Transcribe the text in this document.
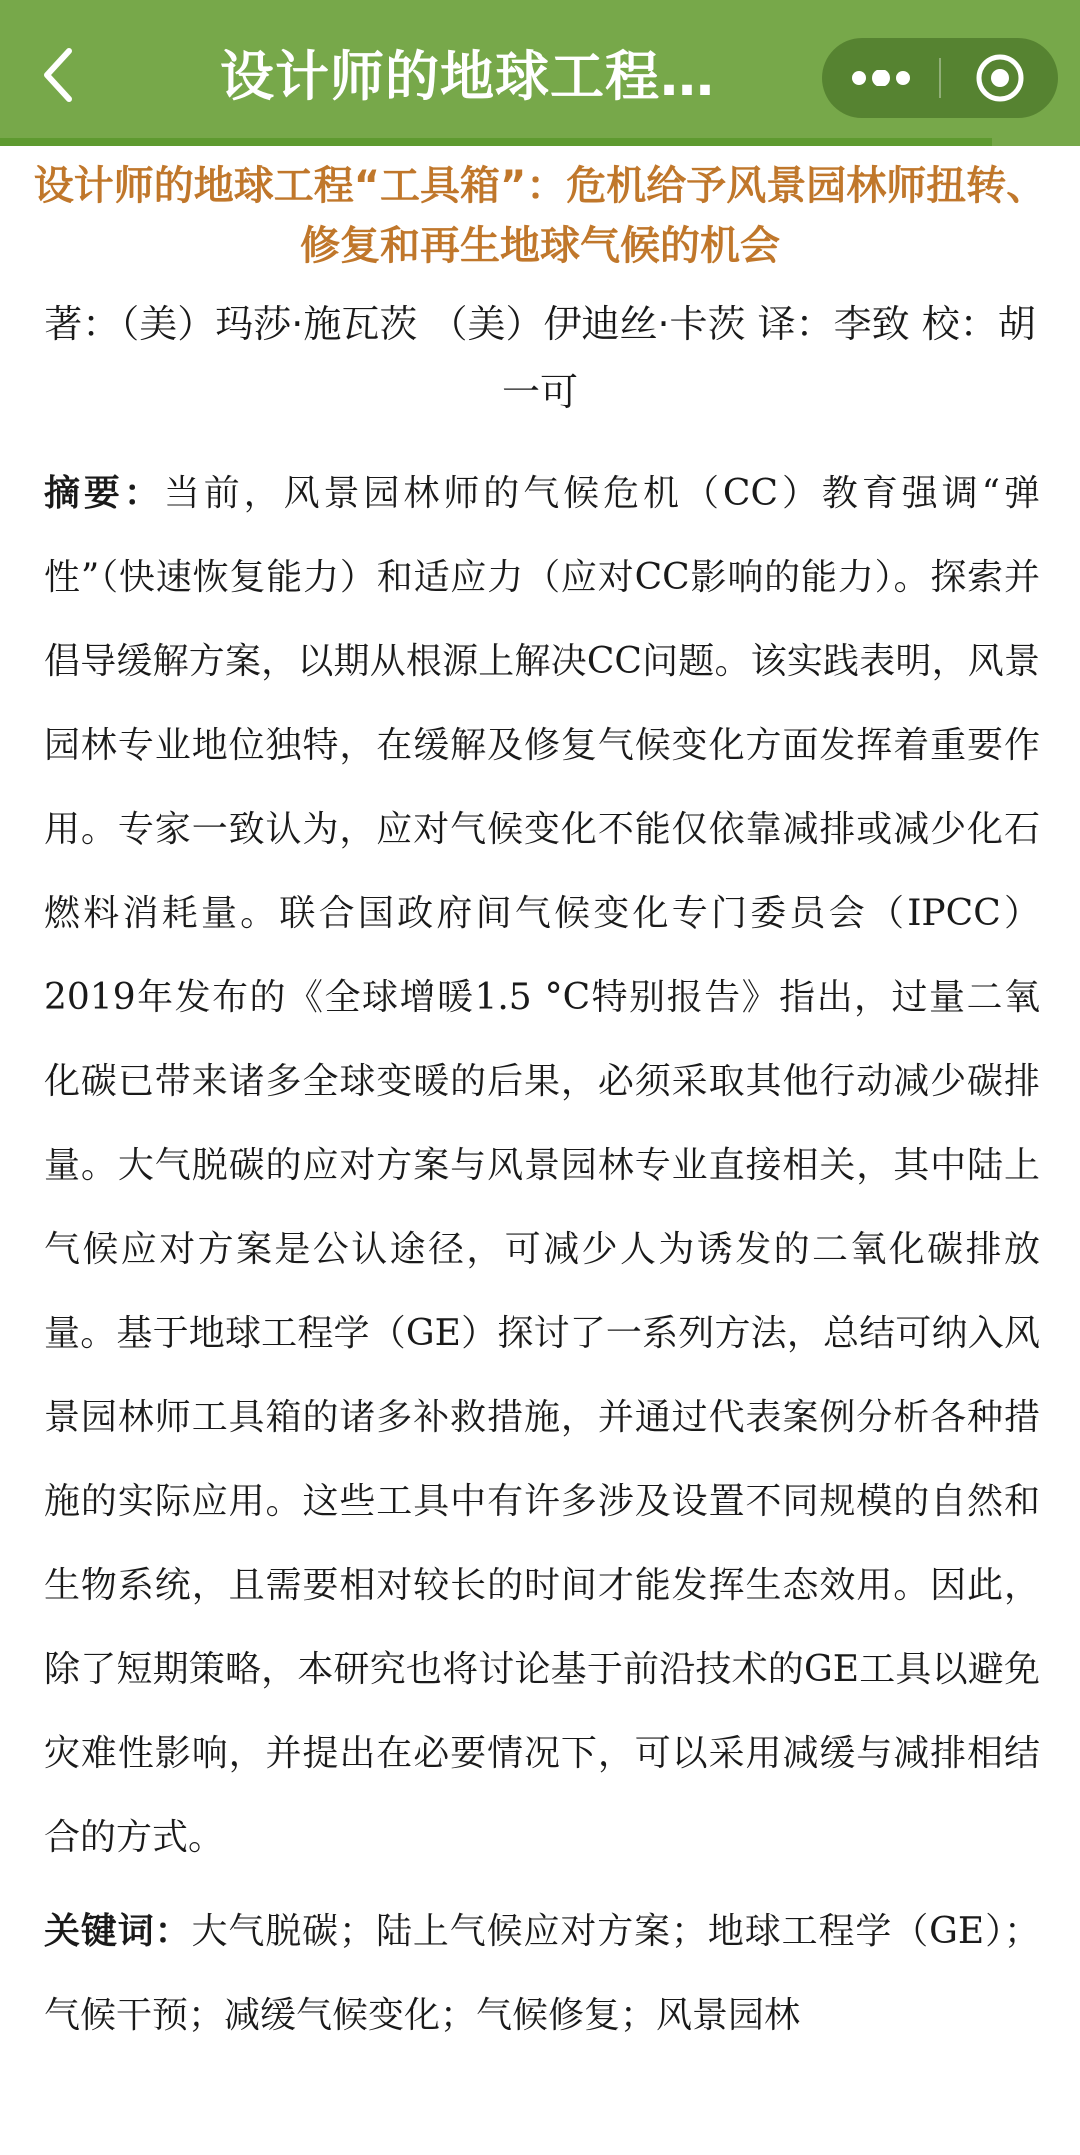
设计师的地球工程…
设计师的地球工程“工具箱”：危机给予风景园林师扭转、修复和再生地球气候的机会

著：（美）玛莎·施瓦茨 （美）伊迪丝·卡茨 译：李致 校：胡一可

摘要：当前，风景园林师的气候危机（CC）教育强调“弹性”（快速恢复能力）和适应力（应对CC影响的能力）。探索并倡导缓解方案，以期从根源上解决CC问题。该实践表明，风景园林专业地位独特，在缓解及修复气候变化方面发挥着重要作用。专家一致认为，应对气候变化不能仅依靠减排或减少化石燃料消耗量。联合国政府间气候变化专门委员会（IPCC）2019年发布的《全球增暖1.5 °C特别报告》指出，过量二氧化碳已带来诸多全球变暖的后果，必须采取其他行动减少碳排量。大气脱碳的应对方案与风景园林专业直接相关，其中陆上气候应对方案是公认途径，可减少人为诱发的二氧化碳排放量。基于地球工程学（GE）探讨了一系列方法，总结可纳入风景园林师工具箱的诸多补救措施，并通过代表案例分析各种措施的实际应用。这些工具中有许多涉及设置不同规模的自然和生物系统，且需要相对较长的时间才能发挥生态效用。因此，除了短期策略，本研究也将讨论基于前沿技术的GE工具以避免灾难性影响，并提出在必要情况下，可以采用减缓与减排相结合的方式。

关键词：大气脱碳；陆上气候应对方案；地球工程学（GE）；气候干预；减缓气候变化；气候修复；风景园林
